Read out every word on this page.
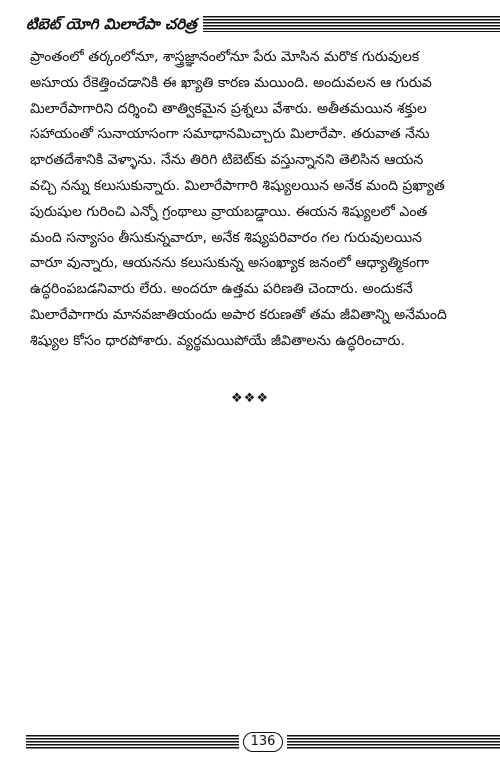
టిబెట్ యోగి మిలారేపా చరిత్ర
ప్రాంతంలో తర్కంలోనూ, శాస్త్రజ్ఞానంలోనూ పేరు మోసిన మరొక గురువులక
అసూయ రేకెత్తించడానికి ఈ ఖ్యాతి కారణ మయింది. అందువలన ఆ గురువ
మిలారేపాగారిని దర్శించి తాత్వికమైన ప్రశ్నలు వేశారు. అతీతమయిన శక్తుల
సహాయంతో సునాయాసంగా సమాధానమిచ్చారు మిలారేపా. తరువాత నేను
భారతదేశానికి వెళ్ళాను. నేను తిరిగి టిబెట్‌కు వస్తున్నానని తెలిసిన ఆయన
వచ్చి నన్ను కలుసుకున్నారు. మిలారేపాగారి శిష్యులయిన అనేక మంది ప్రఖ్యాత
పురుషుల గురించి ఎన్నో గ్రంథాలు వ్రాయబడ్డాయి. ఈయన శిష్యులలో ఎంత
మంది సన్యాసం తీసుకున్నవారూ, అనేక శిష్యపరివారం గల గురువులయిన
వారూ వున్నారు, ఆయనను కలుసుకున్న అసంఖ్యాక జనంలో ఆధ్యాత్మికంగా
ఉద్ధరింపబడనివారు లేరు. అందరూ ఉత్తమ పరిణతి చెందారు. అందుకనే
మిలారేపాగారు మానవజాతియందు అపార కరుణతో తమ జీవితాన్ని అనేమంది
శిష్యుల కోసం ధారపోశారు. వ్యర్థమయిపోయే జీవితాలను ఉద్ధరించారు.
❖❖❖
136
